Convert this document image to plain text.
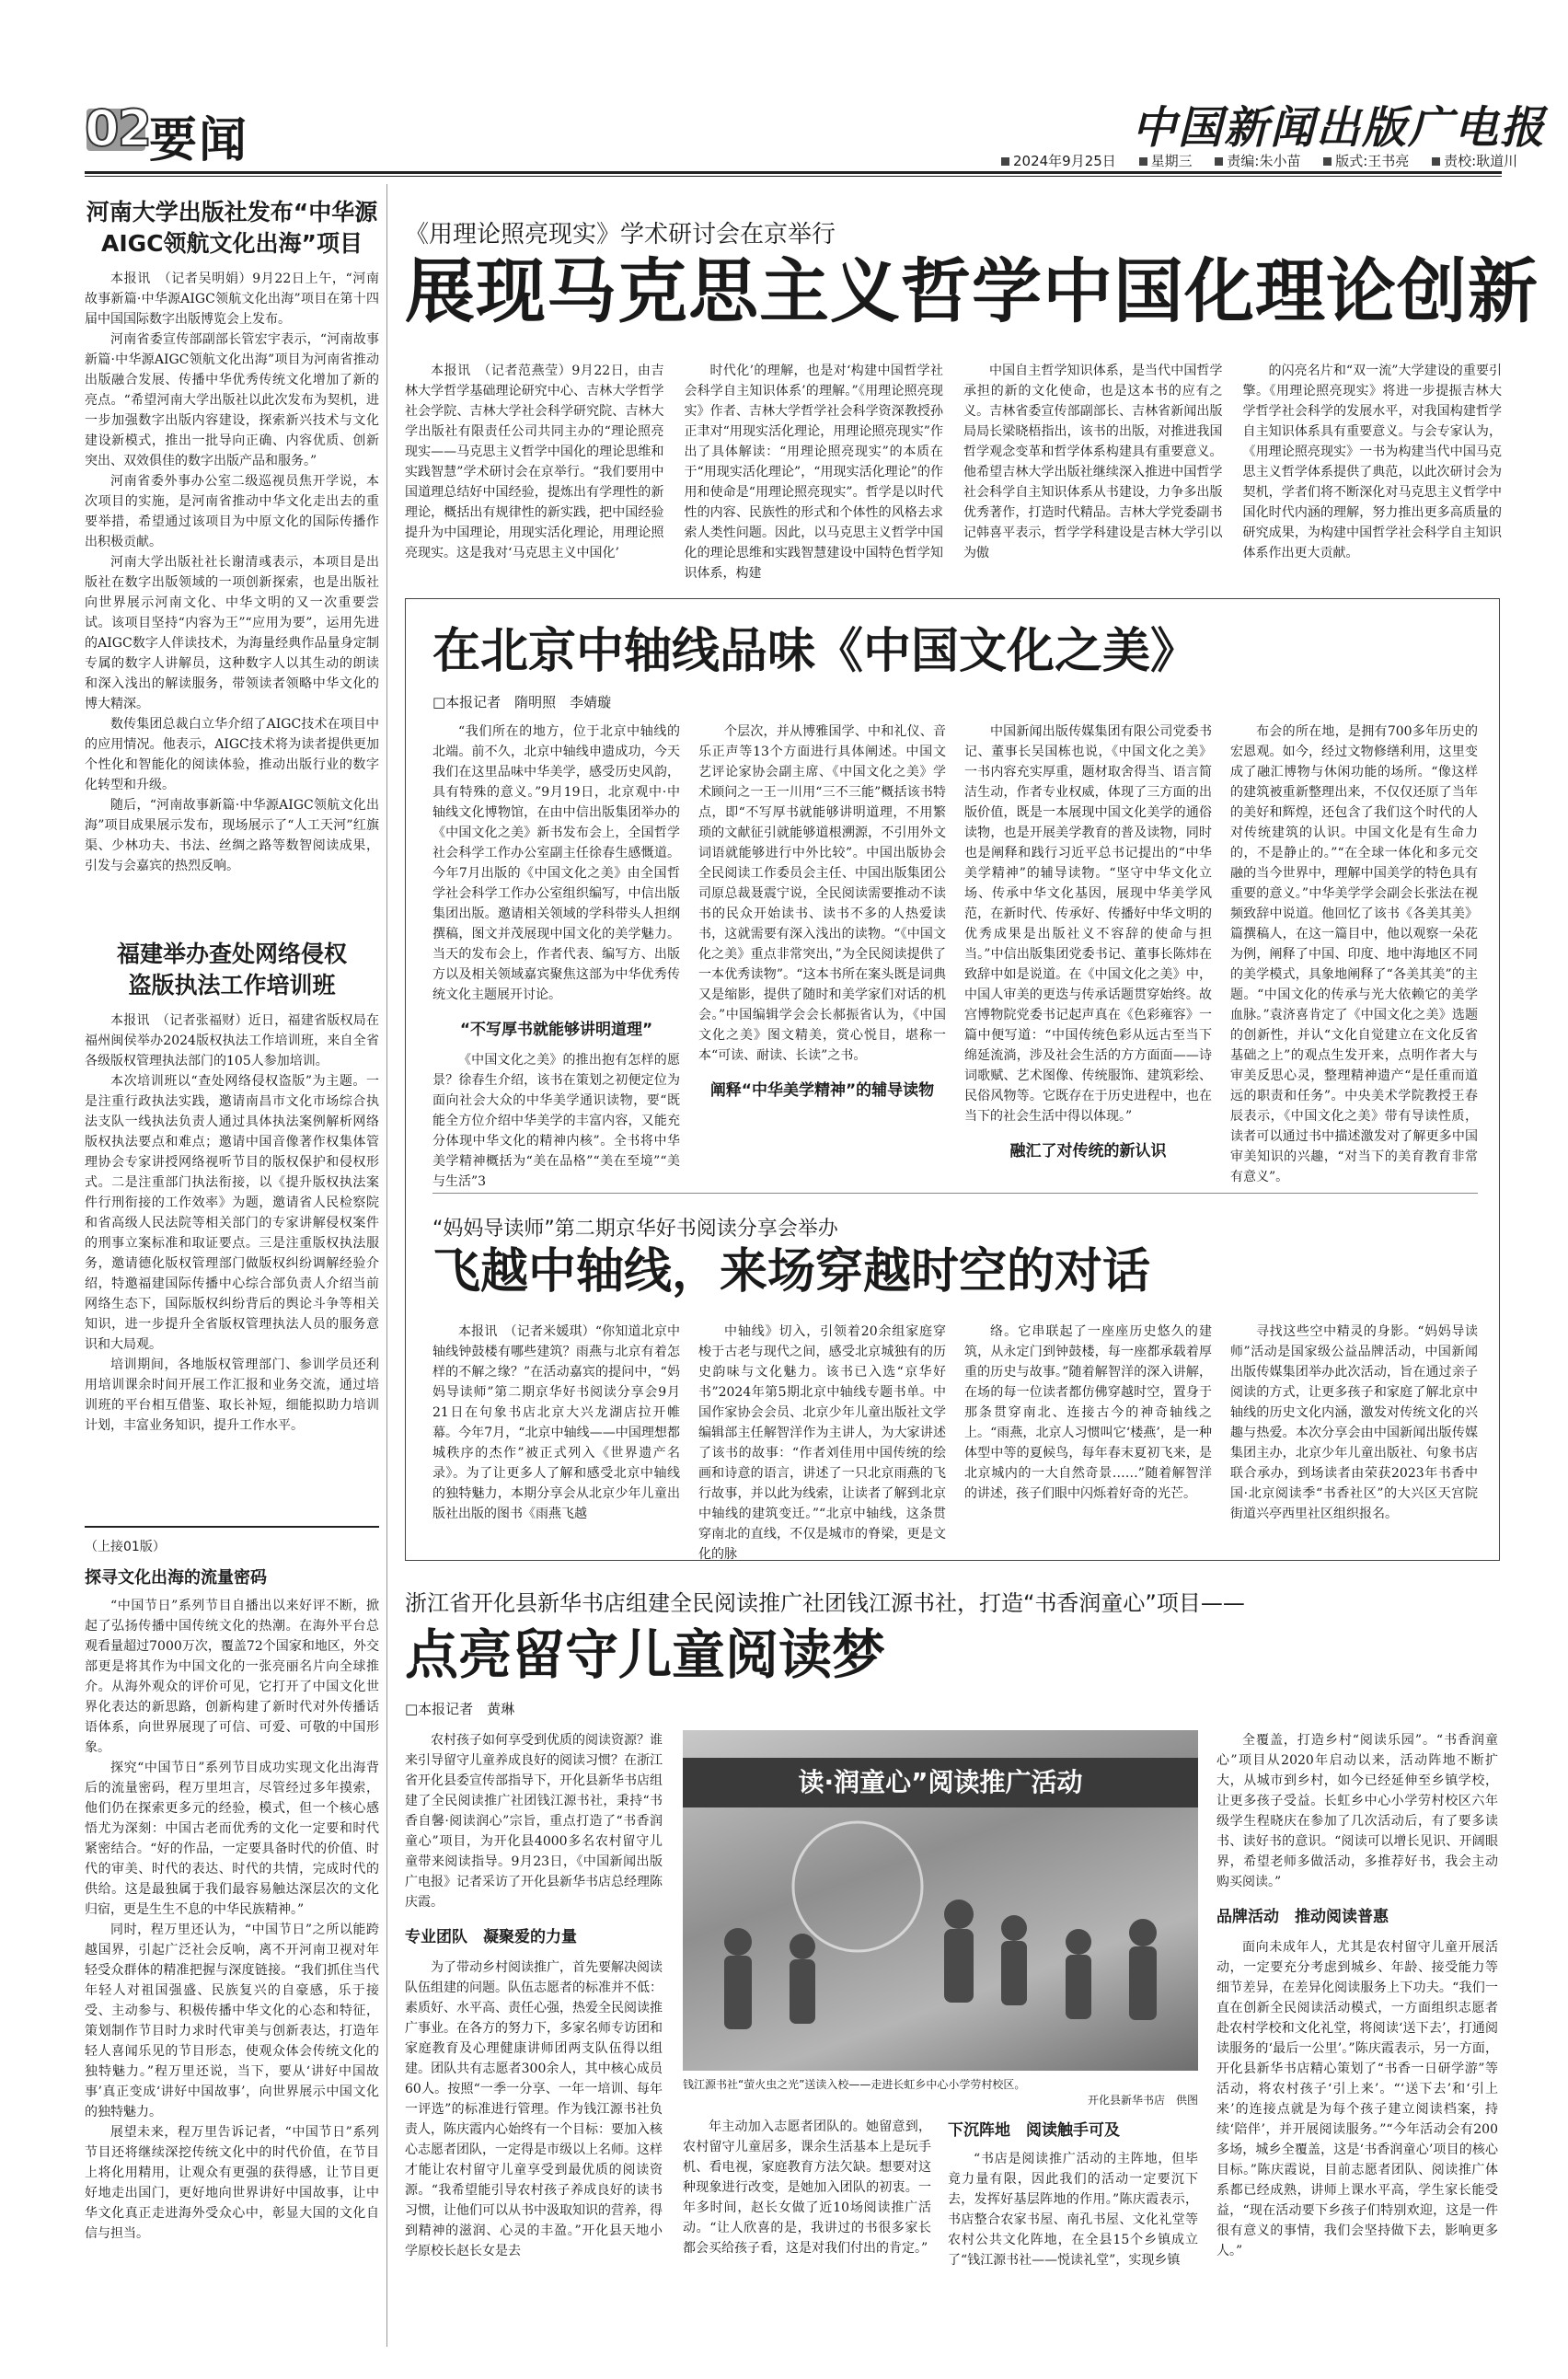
02
要闻	中国新闻出版广电报
2024年9月25日	星期三	责编:朱小苗	版式:王书亮	责校:耿道川
河南大学出版社发布“中华源
AIGC领航文化出海”项目

本报讯　（记者吴明娟）9月22日上午，“河南故事新篇·中华源AIGC领航文化出海”项目在第十四届中国国际数字出版博览会上发布。

河南省委宣传部副部长管宏宇表示，“河南故事新篇·中华源AIGC领航文化出海”项目为河南省推动出版融合发展、传播中华优秀传统文化增加了新的亮点。“希望河南大学出版社以此次发布为契机，进一步加强数字出版内容建设，探索新兴技术与文化建设新模式，推出一批导向正确、内容优质、创新突出、双效俱佳的数字出版产品和服务。”

河南省委外事办公室二级巡视员焦开学说，本次项目的实施，是河南省推动中华文化走出去的重要举措，希望通过该项目为中原文化的国际传播作出积极贡献。

河南大学出版社社长谢清彧表示，本项目是出版社在数字出版领域的一项创新探索，也是出版社向世界展示河南文化、中华文明的又一次重要尝试。该项目坚持“内容为王”“应用为要”，运用先进的AIGC数字人伴读技术，为海量经典作品量身定制专属的数字人讲解员，这种数字人以其生动的朗读和深入浅出的解读服务，带领读者领略中华文化的博大精深。

数传集团总裁白立华介绍了AIGC技术在项目中的应用情况。他表示，AIGC技术将为读者提供更加个性化和智能化的阅读体验，推动出版行业的数字化转型和升级。

随后，“河南故事新篇·中华源AIGC领航文化出海”项目成果展示发布，现场展示了“人工天河”红旗渠、少林功夫、书法、丝绸之路等数智阅读成果，引发与会嘉宾的热烈反响。

福建举办查处网络侵权
盗版执法工作培训班

本报讯　（记者张福财）近日，福建省版权局在福州闽侯举办2024版权执法工作培训班，来自全省各级版权管理执法部门的105人参加培训。

本次培训班以“查处网络侵权盗版”为主题。一是注重行政执法实践，邀请南昌市文化市场综合执法支队一线执法负责人通过具体执法案例解析网络版权执法要点和难点；邀请中国音像著作权集体管理协会专家讲授网络视听节目的版权保护和侵权形式。二是注重部门执法衔接，以《提升版权执法案件行刑衔接的工作效率》为题，邀请省人民检察院和省高级人民法院等相关部门的专家讲解侵权案件的刑事立案标准和取证要点。三是注重版权执法服务，邀请德化版权管理部门做版权纠纷调解经验介绍，特邀福建国际传播中心综合部负责人介绍当前网络生态下，国际版权纠纷背后的舆论斗争等相关知识，进一步提升全省版权管理执法人员的服务意识和大局观。

培训期间，各地版权管理部门、参训学员还利用培训课余时间开展工作汇报和业务交流，通过培训班的平台相互借鉴、取长补短，细能拟助力培训计划，丰富业务知识，提升工作水平。

（上接01版）
探寻文化出海的流量密码

“中国节日”系列节目自播出以来好评不断，掀起了弘扬传播中国传统文化的热潮。在海外平台总观看量超过7000万次，覆盖72个国家和地区，外交部更是将其作为中国文化的一张亮丽名片向全球推介。从海外观众的评价可见，它打开了中国文化世界化表达的新思路，创新构建了新时代对外传播话语体系，向世界展现了可信、可爱、可敬的中国形象。

探究“中国节日”系列节目成功实现文化出海背后的流量密码，程万里坦言，尽管经过多年摸索，他们仍在探索更多元的经验，模式，但一个核心感悟尤为深刻：中国古老而优秀的文化一定要和时代紧密结合。“好的作品，一定要具备时代的价值、时代的审美、时代的表达、时代的共情，完成时代的供给。这是最独属于我们最容易触达深层次的文化归宿，更是生生不息的中华民族精神。”

同时，程万里还认为，“中国节日”之所以能跨越国界，引起广泛社会反响，离不开河南卫视对年轻受众群体的精准把握与深度链接。“我们抓住当代年轻人对祖国强盛、民族复兴的自豪感，乐于接受、主动参与、积极传播中华文化的心态和特征，策划制作节目时力求时代审美与创新表达，打造年轻人喜闻乐见的节目形态，使观众体会传统文化的独特魅力。”程万里还说，当下，要从‘讲好中国故事’真正变成‘讲好中国故事’，向世界展示中国文化的独特魅力。

展望未来，程万里告诉记者，“中国节日”系列节目还将继续深挖传统文化中的时代价值，在节目上将化用精用，让观众有更强的获得感，让节目更好地走出国门，更好地向世界讲好中国故事，让中华文化真正走进海外受众心中，彰显大国的文化自信与担当。

《用理论照亮现实》学术研讨会在京举行
展现马克思主义哲学中国化理论创新

本报讯　（记者范燕莹）9月22日，由吉林大学哲学基础理论研究中心、吉林大学哲学社会学院、吉林大学社会科学研究院、吉林大学出版社有限责任公司共同主办的“理论照亮现实——马克思主义哲学中国化的理论思维和实践智慧”学术研讨会在京举行。“我们要用中国道理总结好中国经验，提炼出有学理性的新理论，概括出有规律性的新实践，把中国经验提升为中国理论，用现实活化理论，用理论照亮现实。这是我对‘马克思主义中国化’

时代化’的理解，也是对‘构建中国哲学社会科学自主知识体系’的理解。”《用理论照亮现实》作者、吉林大学哲学社会科学资深教授孙正聿对“用现实活化理论，用理论照亮现实”作出了具体解读：“用理论照亮现实”的本质在于“用现实活化理论”，“用现实活化理论”的作用和使命是“用理论照亮现实”。哲学是以时代性的内容、民族性的形式和个体性的风格去求索人类性问题。因此，以马克思主义哲学中国化的理论思维和实践智慧建设中国特色哲学知识体系，构建

中国自主哲学知识体系，是当代中国哲学承担的新的文化使命，也是这本书的应有之义。吉林省委宣传部副部长、吉林省新闻出版局局长梁晓梧指出，该书的出版，对推进我国哲学观念变革和哲学体系构建具有重要意义。他希望吉林大学出版社继续深入推进中国哲学社会科学自主知识体系从书建设，力争多出版优秀著作，打造时代精品。吉林大学党委副书记韩喜平表示，哲学学科建设是吉林大学引以为傲

的闪亮名片和“双一流”大学建设的重要引擎。《用理论照亮现实》将进一步提振吉林大学哲学社会科学的发展水平，对我国构建哲学自主知识体系具有重要意义。与会专家认为，《用理论照亮现实》一书为构建当代中国马克思主义哲学体系提供了典范，以此次研讨会为契机，学者们将不断深化对马克思主义哲学中国化时代内涵的理解，努力推出更多高质量的研究成果，为构建中国哲学社会科学自主知识体系作出更大贡献。

在北京中轴线品味《中国文化之美》
□本报记者　隋明照　李婧璇

“我们所在的地方，位于北京中轴线的北端。前不久，北京中轴线申遗成功，今天我们在这里品味中华美学，感受历史风韵，具有特殊的意义。”9月19日，北京观中·中轴线文化博物馆，在由中信出版集团举办的《中国文化之美》新书发布会上，全国哲学社会科学工作办公室副主任徐春生感慨道。今年7月出版的《中国文化之美》由全国哲学社会科学工作办公室组织编写，中信出版集团出版。邀请相关领域的学科带头人担纲撰稿，图文并茂展现中国文化的美学魅力。当天的发布会上，作者代表、编写方、出版方以及相关领域嘉宾聚焦这部为中华优秀传统文化主题展开讨论。

“不写厚书就能够讲明道理”

《中国文化之美》的推出抱有怎样的愿景？徐春生介绍，该书在策划之初便定位为面向社会大众的中华美学通识读物，要“既能全方位介绍中华美学的丰富内容，又能充分体现中华文化的精神内核”。全书将中华美学精神概括为“美在品格”“美在至境”“美与生活”3

个层次，并从博雅国学、中和礼仪、音乐正声等13个方面进行具体阐述。中国文艺评论家协会副主席、《中国文化之美》学术顾问之一王一川用“三不三能”概括该书特点，即“不写厚书就能够讲明道理，不用繁琐的文献征引就能够道根溯源，不引用外文词语就能够进行中外比较”。中国出版协会全民阅读工作委员会主任、中国出版集团公司原总裁聂震宁说，全民阅读需要推动不读书的民众开始读书、读书不多的人热爱读书，这就需要有深入浅出的读物。“《中国文化之美》重点非常突出，”为全民阅读提供了一本优秀读物”。“这本书所在案头既是词典又是缩影，提供了随时和美学家们对话的机会。”中国编辑学会会长郝振省认为，《中国文化之美》图文精美，赏心悦目，堪称一本“可读、耐读、长读”之书。

阐释“中华美学精神”的辅导读物

中国新闻出版传媒集团有限公司党委书记、董事长吴国栋也说，《中国文化之美》一书内容充实厚重，题材取舍得当、语言简洁生动，作者专业权威，体现了三方面的出版价值，既是一本展现中国文化美学的通俗读物，也是开展美学教育的普及读物，同时也是阐释和践行习近平总书记提出的“中华美学精神”的辅导读物。“坚守中华文化立场、传承中华文化基因，展现中华美学风范，在新时代、传承好、传播好中华文明的优秀成果是出版社义不容辞的使命与担当。”中信出版集团党委书记、董事长陈炜在致辞中如是说道。在《中国文化之美》中，中国人审美的更迭与传承话题贯穿始终。故宫博物院党委书记起声真在《色彩雍容》一篇中便写道：“中国传统色彩从远古至当下绵延流淌，涉及社会生活的方方面面——诗词歌赋、艺术图像、传统服饰、建筑彩绘、民俗风物等。它既存在于历史进程中，也在当下的社会生活中得以体现。”

融汇了对传统的新认识

布会的所在地，是拥有700多年历史的宏恩观。如今，经过文物修缮利用，这里变成了融汇博物与休闲功能的场所。“像这样的建筑被重新整理出来，不仅仅还原了当年的美好和辉煌，还包含了我们这个时代的人对传统建筑的认识。中国文化是有生命力的，不是静止的。”“在全球一体化和多元交融的当今世界中，理解中国美学的特色具有重要的意义。”中华美学学会副会长张法在视频致辞中说道。他回忆了该书《各美其美》篇撰稿人，在这一篇目中，他以观察一朵花为例，阐释了中国、印度、地中海地区不同的美学模式，具象地阐释了“各美其美”的主题。“中国文化的传承与光大依赖它的美学血脉。”袁济喜肯定了《中国文化之美》选题的创新性，并认“文化自觉建立在文化反省基础之上”的观点生发开来，点明作者大与审美反思心灵，整理精神遗产“是任重而道远的职责和任务”。中央美术学院教授王春辰表示，《中国文化之美》带有导读性质，读者可以通过书中描述激发对了解更多中国审美知识的兴趣，“对当下的美育教育非常有意义”。

“妈妈导读师”第二期京华好书阅读分享会举办
飞越中轴线，来场穿越时空的对话

本报讯　（记者米媛琪）“你知道北京中轴线钟鼓楼有哪些建筑？雨燕与北京有着怎样的不解之缘？”在活动嘉宾的提问中，“妈妈导读师”第二期京华好书阅读分享会9月21日在句象书店北京大兴龙湖店拉开帷幕。今年7月，“北京中轴线——中国理想都城秩序的杰作”被正式列入《世界遗产名录》。为了让更多人了解和感受北京中轴线的独特魅力，本期分享会从北京少年儿童出版社出版的图书《雨燕飞越

中轴线》切入，引领着20余组家庭穿梭于古老与现代之间，感受北京城独有的历史韵味与文化魅力。该书已入选“京华好书”2024年第5期北京中轴线专题书单。中国作家协会会员、北京少年儿童出版社文学编辑部主任解智洋作为主讲人，为大家讲述了该书的故事：“作者刘佳用中国传统的绘画和诗意的语言，讲述了一只北京雨燕的飞行故事，并以此为线索，让读者了解到北京中轴线的建筑变迁。”“北京中轴线，这条贯穿南北的直线，不仅是城市的脊梁，更是文化的脉

络。它串联起了一座座历史悠久的建筑，从永定门到钟鼓楼，每一座都承载着厚重的历史与故事。”随着解智洋的深入讲解，在场的每一位读者都仿佛穿越时空，置身于那条贯穿南北、连接古今的神奇轴线之上。“雨燕，北京人习惯叫它‘楼燕’，是一种体型中等的夏候鸟，每年春末夏初飞来，是北京城内的一大自然奇景……”随着解智洋的讲述，孩子们眼中闪烁着好奇的光芒。

寻找这些空中精灵的身影。“妈妈导读师”活动是国家级公益品牌活动，中国新闻出版传媒集团举办此次活动，旨在通过亲子阅读的方式，让更多孩子和家庭了解北京中轴线的历史文化内涵，激发对传统文化的兴趣与热爱。本次分享会由中国新闻出版传媒集团主办，北京少年儿童出版社、句象书店联合承办，到场读者由荣获2023年书香中国·北京阅读季“书香社区”的大兴区天宫院街道兴亭西里社区组织报名。

浙江省开化县新华书店组建全民阅读推广社团钱江源书社，打造“书香润童心”项目——
点亮留守儿童阅读梦
□本报记者　黄琳

农村孩子如何享受到优质的阅读资源？谁来引导留守儿童养成良好的阅读习惯？在浙江省开化县委宣传部指导下，开化县新华书店组建了全民阅读推广社团钱江源书社，秉持“书香自馨·阅读润心”宗旨，重点打造了“书香润童心”项目，为开化县4000多名农村留守儿童带来阅读指导。9月23日，《中国新闻出版广电报》记者采访了开化县新华书店总经理陈庆霞。

专业团队　凝聚爱的力量

为了带动乡村阅读推广，首先要解决阅读队伍组建的问题。队伍志愿者的标准并不低：素质好、水平高、责任心强，热爱全民阅读推广事业。在各方的努力下，多家名师专访团和家庭教育及心理健康讲师团两支队伍得以组建。团队共有志愿者300余人，其中核心成员60人。按照“一季一分享、一年一培训、每年一评选”的标准进行管理。作为钱江源书社负责人，陈庆霞内心始终有一个目标：要加入核心志愿者团队，一定得是市级以上名师。这样才能让农村留守儿童享受到最优质的阅读资源。“我希望能引导农村孩子养成良好的读书习惯，让他们可以从书中汲取知识的营养，得到精神的滋润、心灵的丰盈。”开化县天地小学原校长赵长女是去

读·润童心”阅读推广活动
钱江源书社“萤火虫之光”送读入校——走进长虹乡中心小学劳村校区。
开化县新华书店　供图

年主动加入志愿者团队的。她留意到，农村留守儿童居多，课余生活基本上是玩手机、看电视，家庭教育方法欠缺。想要对这种现象进行改变，是她加入团队的初衷。一年多时间，赵长女做了近10场阅读推广活动。“让人欣喜的是，我讲过的书很多家长都会买给孩子看，这是对我们付出的肯定。”

下沉阵地　阅读触手可及

“书店是阅读推广活动的主阵地，但毕竟力量有限，因此我们的活动一定要沉下去，发挥好基层阵地的作用。”陈庆霞表示，书店整合农家书屋、南孔书屋、文化礼堂等农村公共文化阵地，在全县15个乡镇成立了“钱江源书社——悦读礼堂”，实现乡镇

全覆盖，打造乡村“阅读乐园”。“书香润童心”项目从2020年启动以来，活动阵地不断扩大，从城市到乡村，如今已经延伸至乡镇学校，让更多孩子受益。长虹乡中心小学劳村校区六年级学生程晓庆在参加了几次活动后，有了要多读书、读好书的意识。“阅读可以增长见识、开阔眼界，希望老师多做活动，多推荐好书，我会主动购买阅读。”

品牌活动　推动阅读普惠

面向未成年人，尤其是农村留守儿童开展活动，一定要充分考虑到城乡、年龄、接受能力等细节差异，在差异化阅读服务上下功夫。“我们一直在创新全民阅读活动模式，一方面组织志愿者赴农村学校和文化礼堂，将阅读‘送下去’，打通阅读服务的‘最后一公里’。”陈庆霞表示，另一方面，开化县新华书店精心策划了“书香一日研学游”等活动，将农村孩子‘引上来’。“‘送下去’和‘引上来’的连接点就是为每个孩子建立阅读档案，持续‘陪伴’，并开展阅读服务。”“今年活动会有200多场，城乡全覆盖，这是‘书香润童心’项目的核心目标。”陈庆霞说，目前志愿者团队、阅读推广体系都已经成熟，讲师上课水平高，学生家长能受益，“现在活动要下乡孩子们特别欢迎，这是一件很有意义的事情，我们会坚持做下去，影响更多人。”
